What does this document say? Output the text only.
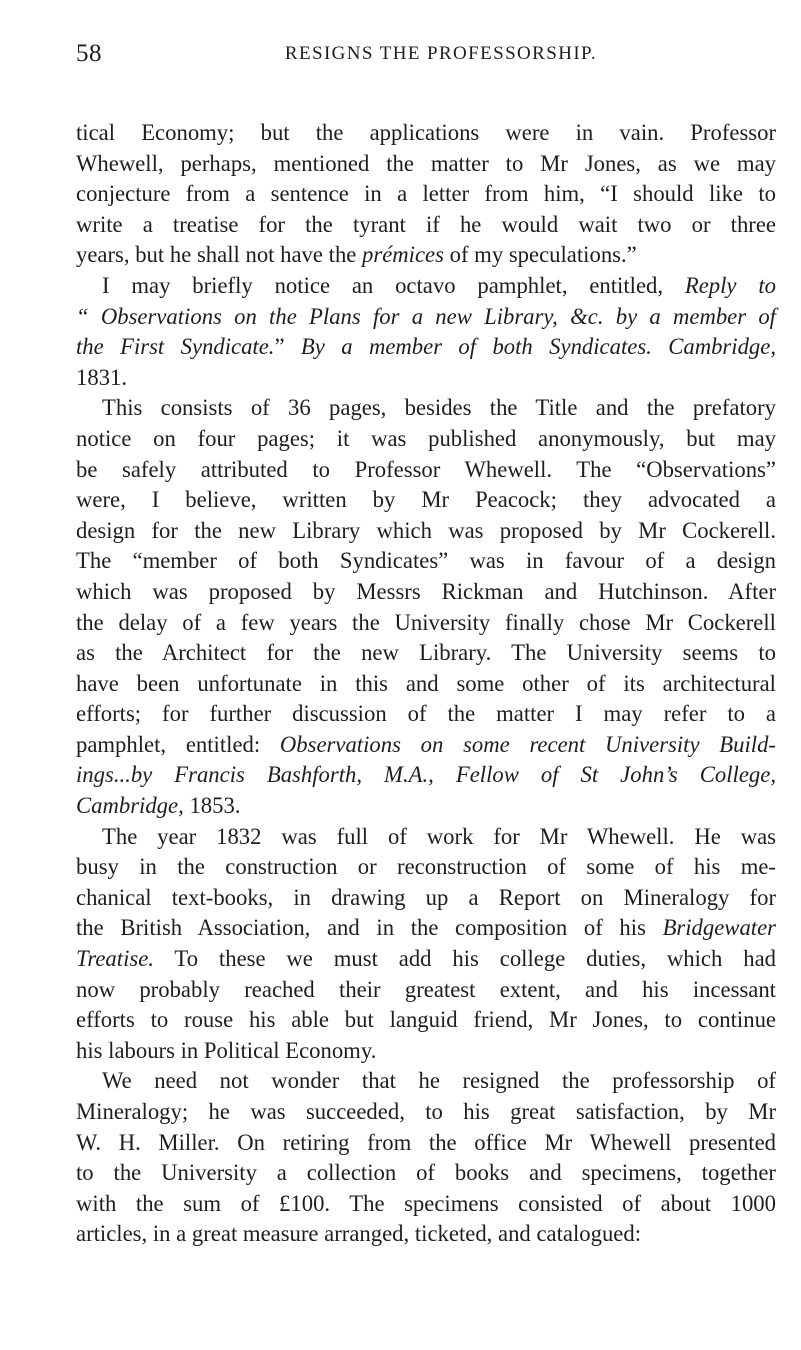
58	RESIGNS THE PROFESSORSHIP.
tical Economy; but the applications were in vain. Professor
Whewell, perhaps, mentioned the matter to Mr Jones, as we may
conjecture from a sentence in a letter from him, “I should like to
write a treatise for the tyrant if he would wait two or three
years, but he shall not have the prémices of my speculations.”
I may briefly notice an octavo pamphlet, entitled, Reply to
“ Observations on the Plans for a new Library, &c. by a member of
the First Syndicate.” By a member of both Syndicates. Cambridge,
1831.
This consists of 36 pages, besides the Title and the prefatory
notice on four pages; it was published anonymously, but may
be safely attributed to Professor Whewell. The “Observations”
were, I believe, written by Mr Peacock; they advocated a
design for the new Library which was proposed by Mr Cockerell.
The “member of both Syndicates” was in favour of a design
which was proposed by Messrs Rickman and Hutchinson. After
the delay of a few years the University finally chose Mr Cockerell
as the Architect for the new Library. The University seems to
have been unfortunate in this and some other of its architectural
efforts; for further discussion of the matter I may refer to a
pamphlet, entitled: Observations on some recent University Build-
ings...by Francis Bashforth, M.A., Fellow of St John’s College,
Cambridge, 1853.
The year 1832 was full of work for Mr Whewell. He was
busy in the construction or reconstruction of some of his me-
chanical text-books, in drawing up a Report on Mineralogy for
the British Association, and in the composition of his Bridgewater
Treatise. To these we must add his college duties, which had
now probably reached their greatest extent, and his incessant
efforts to rouse his able but languid friend, Mr Jones, to continue
his labours in Political Economy.
We need not wonder that he resigned the professorship of
Mineralogy; he was succeeded, to his great satisfaction, by Mr
W. H. Miller. On retiring from the office Mr Whewell presented
to the University a collection of books and specimens, together
with the sum of £100. The specimens consisted of about 1000
articles, in a great measure arranged, ticketed, and catalogued:
